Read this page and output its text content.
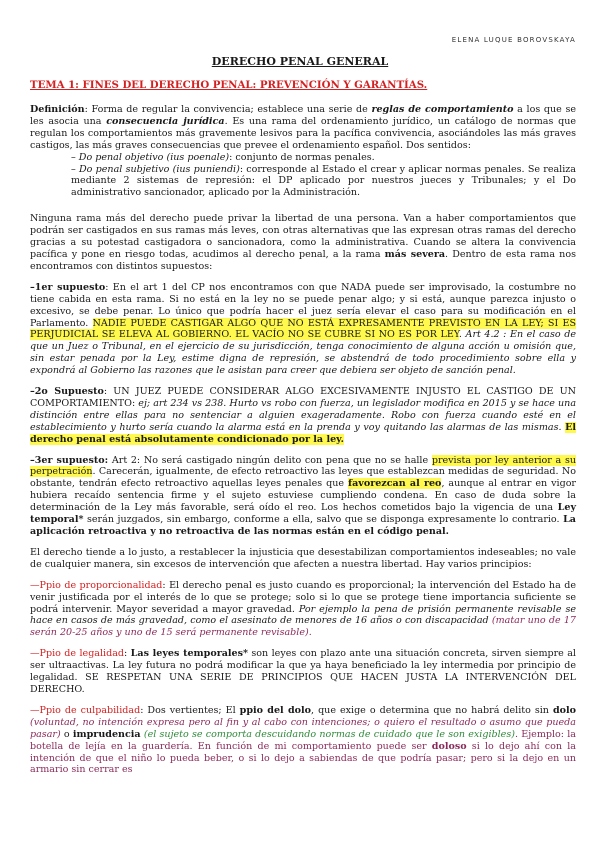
ELENA LUQUE BOROVSKAYA
DERECHO PENAL GENERAL
TEMA 1: FINES DEL DERECHO PENAL: PREVENCIÓN Y GARANTÍAS.

Definición: Forma de regular la convivencia; establece una serie de reglas de comportamiento a los que se les asocia una consecuencia jurídica. Es una rama del ordenamiento jurídico, un catálogo de normas que regulan los comportamientos más gravemente lesivos para la pacífica convivencia, asociándoles las más graves castigos, las más graves consecuencias que prevee el ordenamiento español. Dos sentidos:

– Do penal objetivo (ius poenale): conjunto de normas penales.

– Do penal subjetivo (ius puniendi): corresponde al Estado el crear y aplicar normas penales. Se realiza mediante 2 sistemas de represión: el DP aplicado por nuestros jueces y Tribunales; y el Do administrativo sancionador, aplicado por la Administración.

Ninguna rama más del derecho puede privar la libertad de una persona. Van a haber comportamientos que podrán ser castigados en sus ramas más leves, con otras alternativas que las expresan otras ramas del derecho gracias a su potestad castigadora o sancionadora, como la administrativa. Cuando se altera la convivencia pacífica y pone en riesgo todas, acudimos al derecho penal, a la rama más severa. Dentro de esta rama nos encontramos con distintos supuestos:

–1er supuesto: En el art 1 del CP nos encontramos con que NADA puede ser improvisado, la costumbre no tiene cabida en esta rama. Si no está en la ley no se puede penar algo; y si está, aunque parezca injusto o excesivo, se debe penar. Lo único que podría hacer el juez sería elevar el caso para su modificación en el Parlamento. NADIE PUEDE CASTIGAR ALGO QUE NO ESTÁ EXPRESAMENTE PREVISTO EN LA LEY; SI ES PERJUDICIAL SE ELEVA AL GOBIERNO. EL VACÍO NO SE CUBRE SI NO ES POR LEY. Art 4.2 : En el caso de que un Juez o Tribunal, en el ejercicio de su jurisdicción, tenga conocimiento de alguna acción u omisión que, sin estar penada por la Ley, estime digna de represión, se abstendrá de todo procedimiento sobre ella y expondrá al Gobierno las razones que le asistan para creer que debiera ser objeto de sanción penal.

–2o Supuesto: UN JUEZ PUEDE CONSIDERAR ALGO EXCESIVAMENTE INJUSTO EL CASTIGO DE UN COMPORTAMIENTO: ej; art 234 vs 238. Hurto vs robo con fuerza, un legislador modifica en 2015 y se hace una distinción entre ellas para no sentenciar a alguien exageradamente. Robo con fuerza cuando esté en el establecimiento y hurto sería cuando la alarma está en la prenda y voy quitando las alarmas de las mismas. El derecho penal está absolutamente condicionado por la ley.

–3er supuesto: Art 2: No será castigado ningún delito con pena que no se halle prevista por ley anterior a su perpetración. Carecerán, igualmente, de efecto retroactivo las leyes que establezcan medidas de seguridad. No obstante, tendrán efecto retroactivo aquellas leyes penales que favorezcan al reo, aunque al entrar en vigor hubiera recaído sentencia firme y el sujeto estuviese cumpliendo condena. En caso de duda sobre la determinación de la Ley más favorable, será oído el reo. Los hechos cometidos bajo la vigencia de una Ley temporal* serán juzgados, sin embargo, conforme a ella, salvo que se disponga expresamente lo contrario. La aplicación retroactiva y no retroactiva de las normas están en el código penal.

El derecho tiende a lo justo, a restablecer la injusticia que desestabilizan comportamientos indeseables; no vale de cualquier manera, sin excesos de intervención que afecten a nuestra libertad. Hay varios principios:

—Ppio de proporcionalidad: El derecho penal es justo cuando es proporcional; la intervención del Estado ha de venir justificada por el interés de lo que se protege; solo si lo que se protege tiene importancia suficiente se podrá intervenir. Mayor severidad a mayor gravedad. Por ejemplo la pena de prisión permanente revisable se hace en casos de más gravedad, como el asesinato de menores de 16 años o con discapacidad (matar uno de 17 serán 20-25 años y uno de 15 será permanente revisable).

—Ppio de legalidad: Las leyes temporales* son leyes con plazo ante una situación concreta, sirven siempre al ser ultraactivas. La ley futura no podrá modificar la que ya haya beneficiado la ley intermedia por principio de legalidad. SE RESPETAN UNA SERIE DE PRINCIPIOS QUE HACEN JUSTA LA INTERVENCIÓN DEL DERECHO.

—Ppio de culpabilidad: Dos vertientes; El ppio del dolo, que exige o determina que no habrá delito sin dolo (voluntad, no intención expresa pero al fin y al cabo con intenciones; o quiero el resultado o asumo que pueda pasar) o imprudencia (el sujeto se comporta descuidando normas de cuidado que le son exigibles). Ejemplo: la botella de lejía en la guardería. En función de mi comportamiento puede ser doloso si lo dejo ahí con la intención de que el niño lo pueda beber, o si lo dejo a sabiendas de que podría pasar; pero si la dejo en un armario sin cerrar es
